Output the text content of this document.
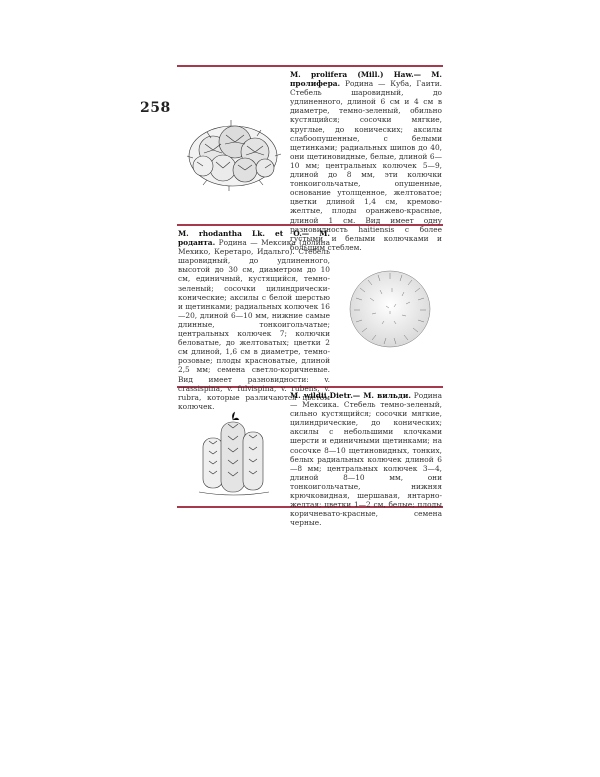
258
M. prolifera (Mill.) Haw.— M. пролифера. Родина — Куба, Гаити. Стебель шаровидный, до удлиненного, длиной 6 см и 4 см в диаметре, темно-зеленый, обильно кустящийся; сосочки мягкие, круглые, до конических; аксилы слабоопушенные, с белыми щетинками; радиальных шипов до 40, они щетиновидные, белые, длиной 6—10 мм; центральных колючек 5—9, длиной до 8 мм, эти колючки тонкоигольчатые, опушенные, основание утолщенное, желтоватое; цветки длиной 1,4 см, кремово-желтые, плоды оранжево-красные, длиной 1 см. Вид имеет одну разновидность haitiensis с более густыми и белыми колючками и большим стеблем.
M. rhodantha Lk. et O.— M. родантa. Родина — Мексика (долина Мехико, Керетаро, Идальго). Стебель шаровидный, до удлиненного, высотой до 30 см, диаметром до 10 см, единичный, кустящийся, темно-зеленый; сосочки цилиндрически-конические; аксилы с белой шерстью и щетинками; радиальных колючек 16—20, длиной 6—10 мм, нижние самые длинные, тонкоигольчатые; центральных колючек 7; колючки беловатые, до желтоватых; цветки 2 см длиной, 1,6 см в диаметре, темно-розовые; плоды красноватые, длиной 2,5 мм; семена светло-коричневые. Вид имеет разновидности: v. crassispina, v. fulvispina, v. rubens, v. rubra, которые различаются цветом колючек.
M. wildii Dietr.— M. вильди. Родина — Мексика. Стебель темно-зеленый, сильно кустящийся; сосочки мягкие, цилиндрические, до конических; аксилы с небольшими клочками шерсти и единичными щетинками; на сосочке 8—10 щетиновидных, тонких, белых радиальных колючек длиной 6—8 мм; центральных колючек 3—4, длиной 8—10 мм, они тонкоигольчатые, нижняя крючковидная, шершавая, янтарно-желтая; цветки 1—2 см, белые; плоды коричневато-красные, семена черные.
